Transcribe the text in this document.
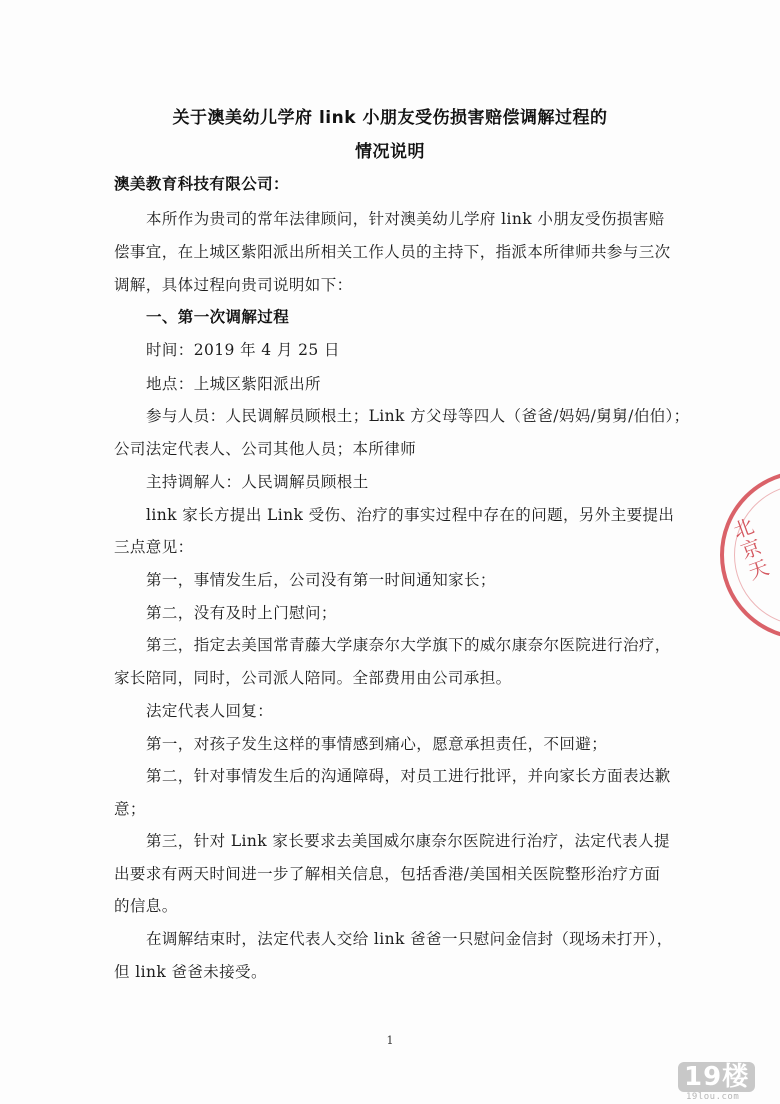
关于澳美幼儿学府 link 小朋友受伤损害赔偿调解过程的
情况说明
澳美教育科技有限公司：
本所作为贵司的常年法律顾问，针对澳美幼儿学府 link 小朋友受伤损害赔
偿事宜，在上城区紫阳派出所相关工作人员的主持下，指派本所律师共参与三次
调解，具体过程向贵司说明如下：
一、第一次调解过程
时间：2019 年 4 月 25 日
地点：上城区紫阳派出所
参与人员：人民调解员顾根土；Link 方父母等四人（爸爸/妈妈/舅舅/伯伯）；
公司法定代表人、公司其他人员；本所律师
主持调解人：人民调解员顾根土
link 家长方提出 Link 受伤、治疗的事实过程中存在的问题，另外主要提出
三点意见：
第一，事情发生后，公司没有第一时间通知家长；
第二，没有及时上门慰问；
第三，指定去美国常青藤大学康奈尔大学旗下的威尔康奈尔医院进行治疗，
家长陪同，同时，公司派人陪同。全部费用由公司承担。
法定代表人回复：
第一，对孩子发生这样的事情感到痛心，愿意承担责任，不回避；
第二，针对事情发生后的沟通障碍，对员工进行批评，并向家长方面表达歉
意；
第三，针对 Link 家长要求去美国威尔康奈尔医院进行治疗，法定代表人提
出要求有两天时间进一步了解相关信息，包括香港/美国相关医院整形治疗方面
的信息。
在调解结束时，法定代表人交给 link 爸爸一只慰问金信封（现场未打开），
但 link 爸爸未接受。
1
北
京
天
19楼
19lou.com
